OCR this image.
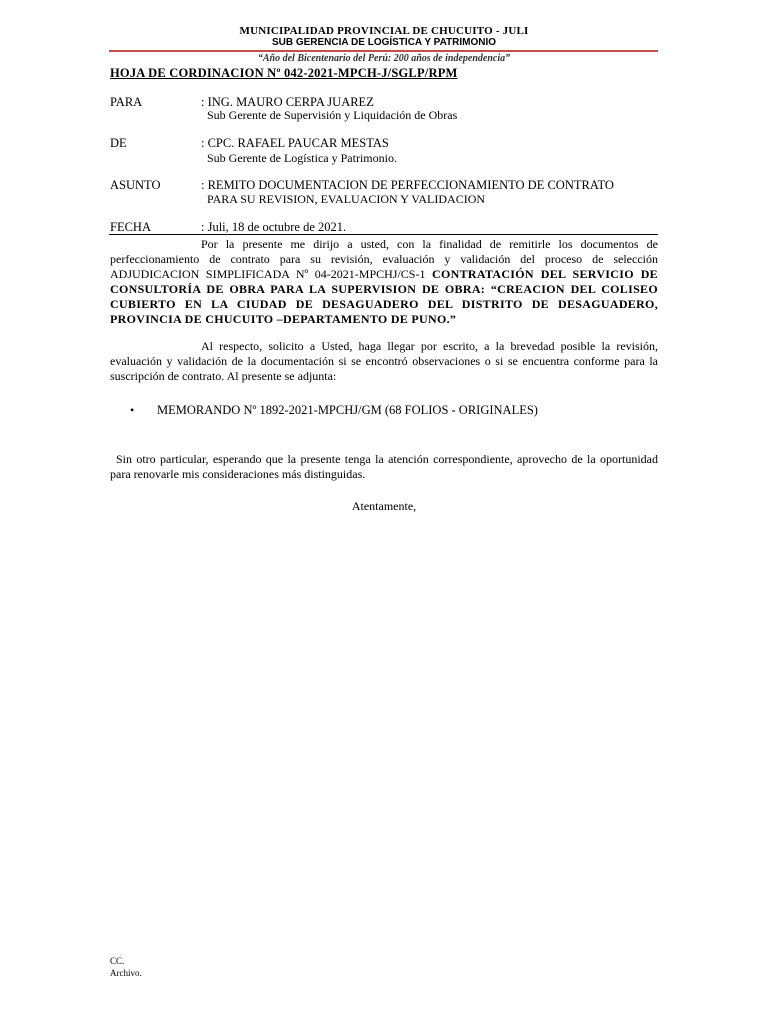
MUNICIPALIDAD PROVINCIAL DE CHUCUITO - JULI
SUB GERENCIA DE LOGÍSTICA Y PATRIMONIO
“Año del Bicentenario del Perú: 200 años de independencia”
HOJA DE CORDINACION Nº 042-2021-MPCH-J/SGLP/RPM
PARA	: ING. MAURO CERPA JUAREZ
Sub Gerente de Supervisión y Liquidación de Obras
DE	: CPC. RAFAEL PAUCAR MESTAS
Sub Gerente de Logística y Patrimonio.
ASUNTO	: REMITO DOCUMENTACION DE PERFECCIONAMIENTO DE CONTRATO
PARA SU REVISION, EVALUACION Y VALIDACION
FECHA	: Juli, 18 de octubre de 2021.
Por la presente me dirijo a usted, con la finalidad de remitirle los documentos de perfeccionamiento de contrato para su revisión, evaluación y validación del proceso de selección ADJUDICACION SIMPLIFICADA Nº 04-2021-MPCHJ/CS-1 CONTRATACIÓN DEL SERVICIO DE CONSULTORÍA DE OBRA PARA LA SUPERVISION DE OBRA: “CREACION DEL COLISEO CUBIERTO EN LA CIUDAD DE DESAGUADERO DEL DISTRITO DE DESAGUADERO, PROVINCIA DE CHUCUITO –DEPARTAMENTO DE PUNO.”
Al respecto, solicito a Usted, haga llegar por escrito, a la brevedad posible la revisión, evaluación y validación de la documentación si se encontró observaciones o si se encuentra conforme para la suscripción de contrato. Al presente se adjunta:
• MEMORANDO Nº 1892-2021-MPCHJ/GM (68 FOLIOS - ORIGINALES)
Sin otro particular, esperando que la presente tenga la atención correspondiente, aprovecho de la oportunidad para renovarle mis consideraciones más distinguidas.
Atentamente,
CC.
Archivo.
